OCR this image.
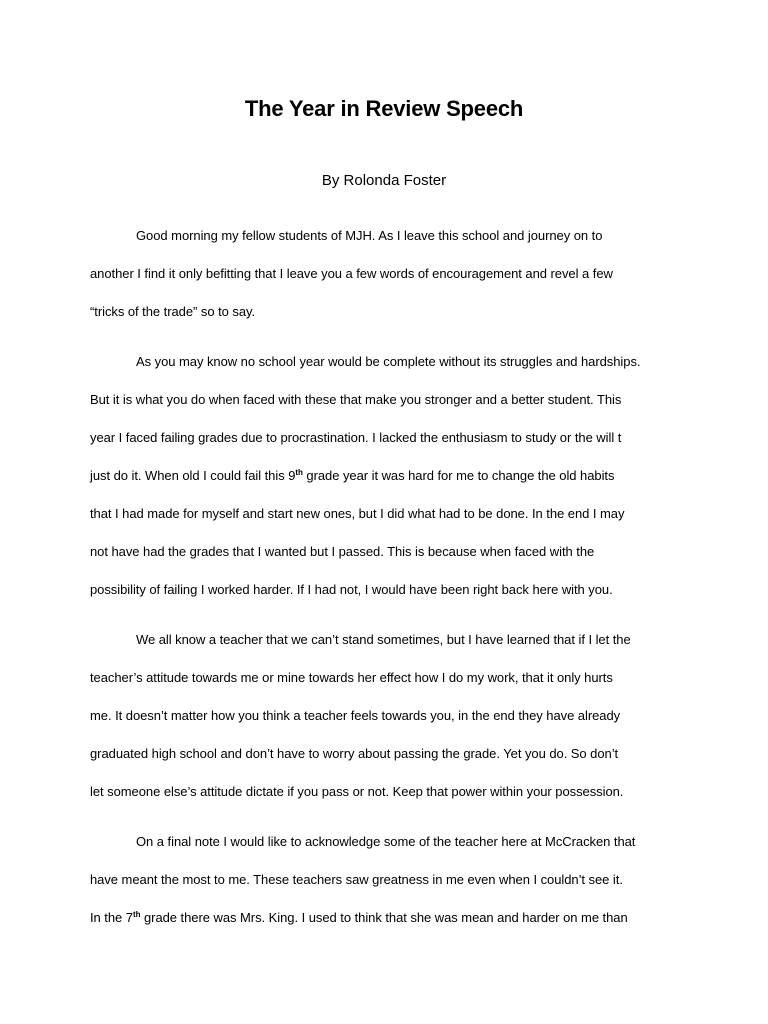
The Year in Review Speech
By Rolonda Foster
Good morning my fellow students of MJH. As I leave this school and journey on to
another I find it only befitting that I leave you a few words of encouragement and revel a few
“tricks of the trade” so to say.
As you may know no school year would be complete without its struggles and hardships.
But it is what you do when faced with these that make you stronger and a better student. This
year I faced failing grades due to procrastination. I lacked the enthusiasm to study or the will t
just do it. When old I could fail this 9th grade year it was hard for me to change the old habits
that I had made for myself and start new ones, but I did what had to be done. In the end I may
not have had the grades that I wanted but I passed. This is because when faced with the
possibility of failing I worked harder. If I had not, I would have been right back here with you.
We all know a teacher that we can’t stand sometimes, but I have learned that if I let the
teacher’s attitude towards me or mine towards her effect how I do my work, that it only hurts
me. It doesn’t matter how you think a teacher feels towards you, in the end they have already
graduated high school and don’t have to worry about passing the grade. Yet you do. So don’t
let someone else’s attitude dictate if you pass or not. Keep that power within your possession.
On a final note I would like to acknowledge some of the teacher here at McCracken that
have meant the most to me. These teachers saw greatness in me even when I couldn’t see it.
In the 7th grade there was Mrs. King. I used to think that she was mean and harder on me than
